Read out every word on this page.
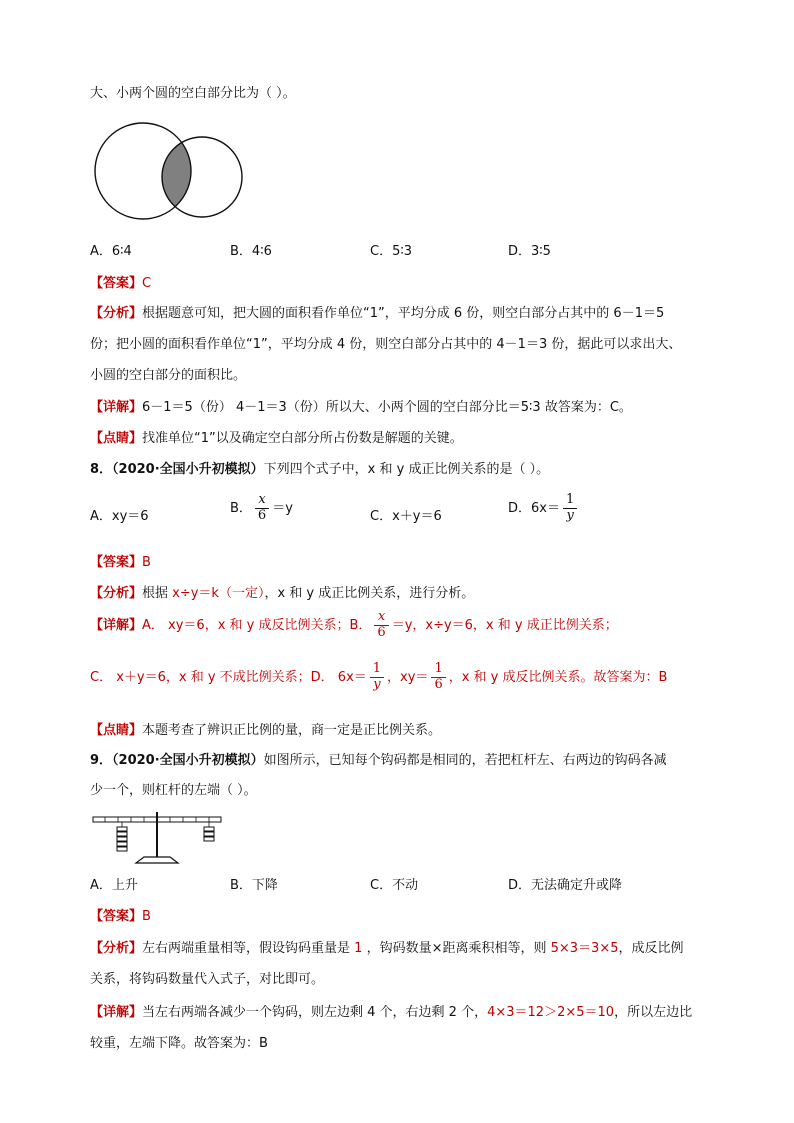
大、小两个圆的空白部分比为（ ）。
A．6∶4	B．4∶6	C．5∶3	D．3∶5
【答案】C
【分析】根据题意可知，把大圆的面积看作单位“1”，平均分成 6 份，则空白部分占其中的 6－1＝5
份；把小圆的面积看作单位“1”，平均分成 4 份，则空白部分占其中的 4－1＝3 份，据此可以求出大、
小圆的空白部分的面积比。
【详解】6－1＝5（份） 4－1＝3（份）所以大、小两个圆的空白部分比＝5∶3 故答案为：C。
【点睛】找准单位“1”以及确定空白部分所占份数是解题的关键。
8．（2020·全国小升初模拟）下列四个式子中，x 和 y 成正比例关系的是（ ）。
A．xy＝6
B． $\frac{x}{6} =y$
C．x＋y＝6
D．$6x= \frac{1}{y}$
【答案】B
【分析】根据 x÷y＝k（一定），x 和 y 成正比例关系，进行分析。
【详解】A． xy＝6，x 和 y 成反比例关系；B． $\frac{x}{6} =y$，x÷y＝6，x 和 y 成正比例关系；
C． x＋y＝6，x 和 y 不成比例关系；D． $6x= \frac{1}{y}$ ，$xy= \frac{1}{6}$ ，x 和 y 成反比例关系。故答案为：B
【点睛】本题考查了辨识正比例的量，商一定是正比例关系。
9．（2020·全国小升初模拟）如图所示，已知每个钩码都是相同的，若把杠杆左、右两边的钩码各减
少一个，则杠杆的左端（ ）。
A．上升	B．下降	C．不动	D．无法确定升或降
【答案】B
【分析】左右两端重量相等，假设钩码重量是 1 ，钩码数量×距离乘积相等，则 5×3＝3×5，成反比例
关系，将钩码数量代入式子，对比即可。
【详解】当左右两端各减少一个钩码，则左边剩 4 个，右边剩 2 个，4×3＝12＞2×5＝10，所以左边比
较重，左端下降。故答案为：B
